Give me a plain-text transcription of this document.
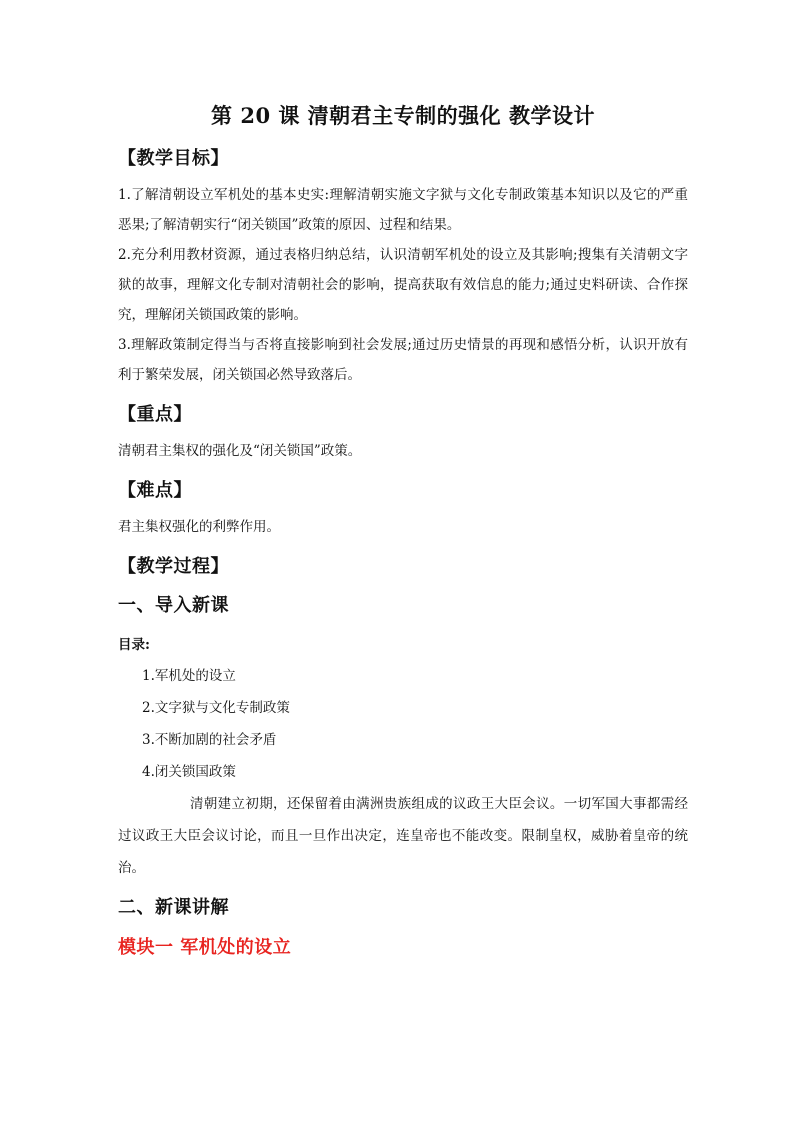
第 20 课 清朝君主专制的强化 教学设计
【教学目标】

1.了解清朝设立军机处的基本史实:理解清朝实施文字狱与文化专制政策基本知识以及它的严重恶果;了解清朝实行“闭关锁国”政策的原因、过程和结果。

2.充分利用教材资源，通过表格归纳总结，认识清朝军机处的设立及其影响;搜集有关清朝文字狱的故事，理解文化专制对清朝社会的影响，提高获取有效信息的能力;通过史料研读、合作探究，理解闭关锁国政策的影响。

3.理解政策制定得当与否将直接影响到社会发展;通过历史情景的再现和感悟分析，认识开放有利于繁荣发展，闭关锁国必然导致落后。

【重点】

清朝君主集权的强化及“闭关锁国”政策。

【难点】

君主集权强化的利弊作用。

【教学过程】
一、导入新课
目录:
1.军机处的设立
2.文字狱与文化专制政策
3.不断加剧的社会矛盾
4.闭关锁国政策

清朝建立初期，还保留着由满洲贵族组成的议政王大臣会议。一切军国大事都需经过议政王大臣会议讨论，而且一旦作出决定，连皇帝也不能改变。限制皇权，威胁着皇帝的统治。

二、新课讲解
模块一 军机处的设立
